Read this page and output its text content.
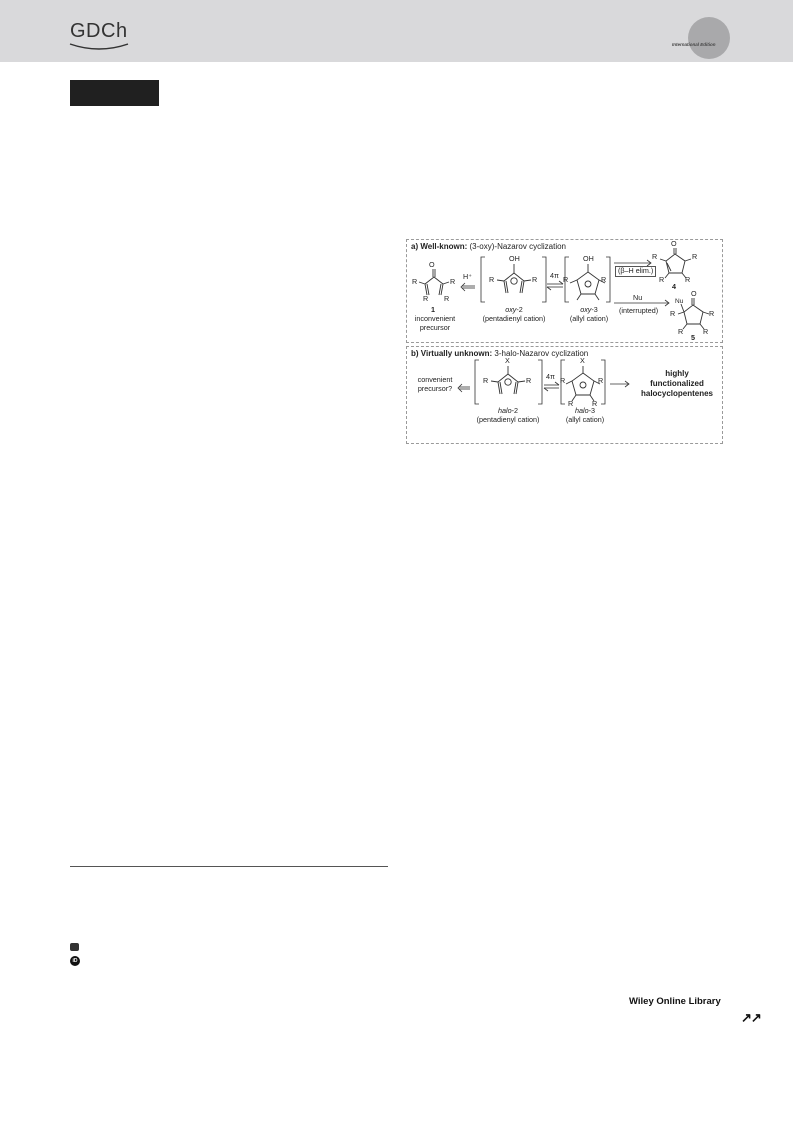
GDCh
International Edition
a) Well-known: (3-oxy)-Nazarov cyclization
O
R	R
R R
1
inconvenient
precursor
H⁺
OH
R	R
oxy-2
(pentadienyl cation)
4π
OH
R	R
oxy-3
(allyl cation)
(β–H elim.)
Nu
(interrupted)
O
R	R
R	R
4
O
Nu
R	R
R	R
5
b) Virtually unknown: 3-halo-Nazarov cyclization
convenient
precursor?
X
R	R
halo-2
(pentadienyl cation)
4π
X
R	R
R	R
halo-3
(allyl cation)
highly
functionalized
halocyclopentenes
iD
Wiley Online Library
↗↗
